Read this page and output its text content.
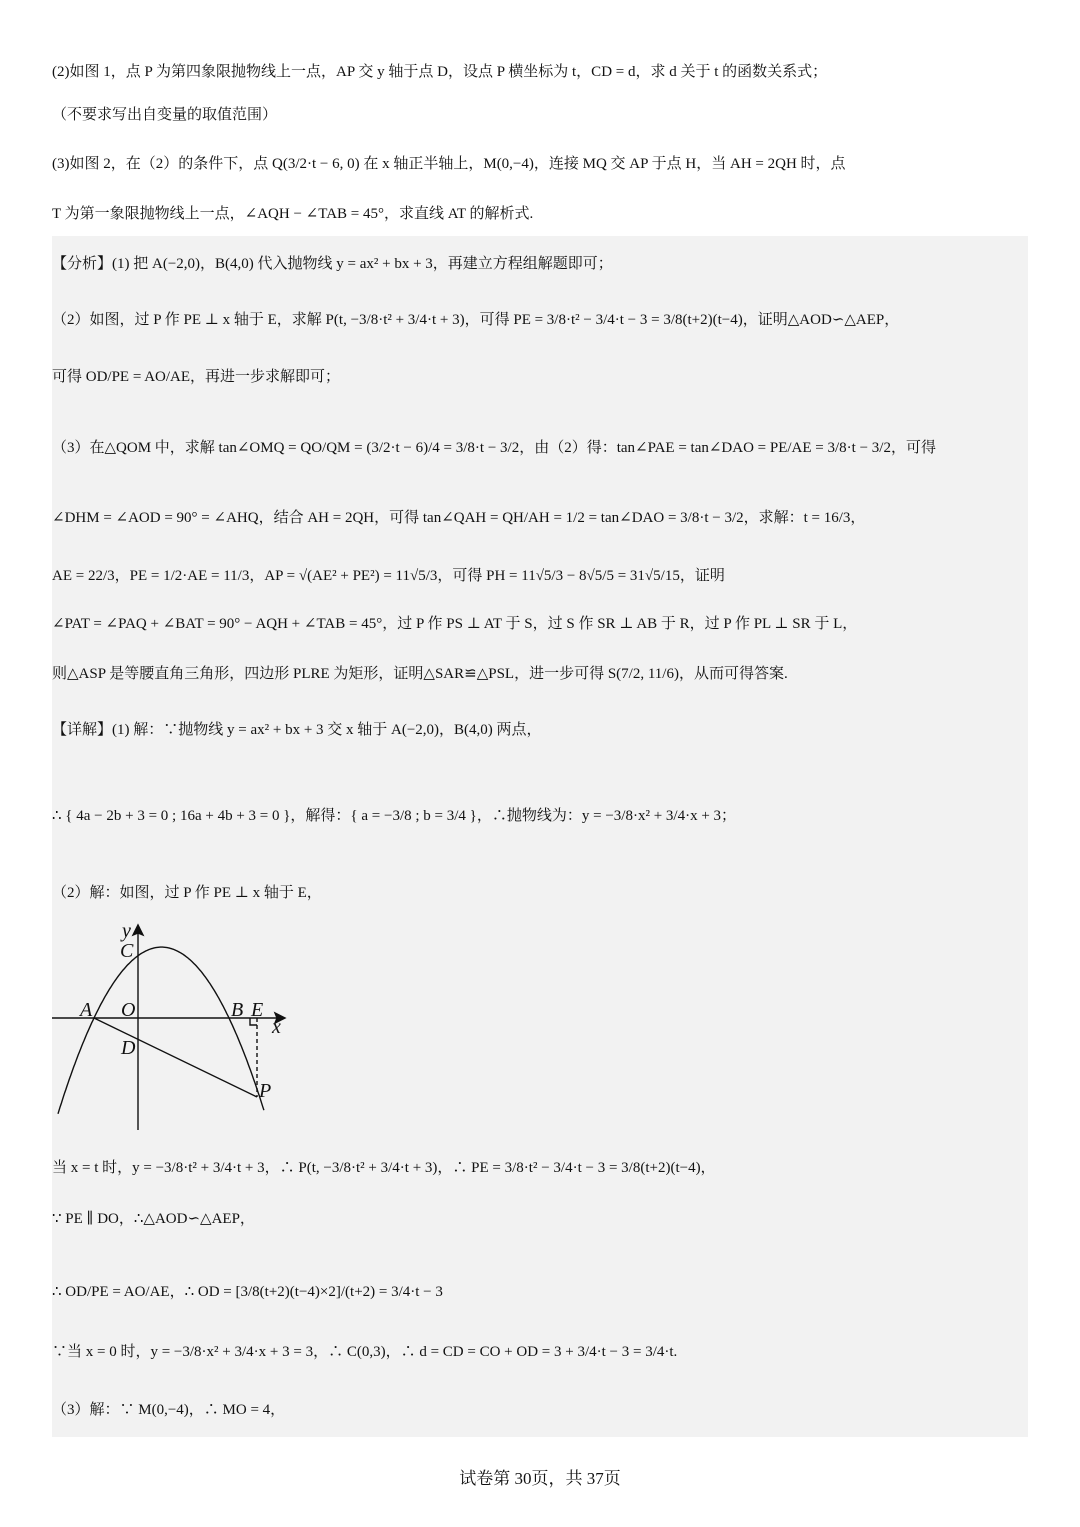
(2)如图 1，点 P 为第四象限抛物线上一点，AP 交 y 轴于点 D，设点 P 横坐标为 t，CD = d，求 d 关于 t 的函数关系式；
（不要求写出自变量的取值范围）
(3)如图 2，在（2）的条件下，点 Q(3/2·t − 6, 0) 在 x 轴正半轴上，M(0,−4)，连接 MQ 交 AP 于点 H，当 AH = 2QH 时，点
T 为第一象限抛物线上一点，∠AQH − ∠TAB = 45°，求直线 AT 的解析式.
【分析】(1) 把 A(−2,0)，B(4,0) 代入抛物线 y = ax² + bx + 3，再建立方程组解题即可；
（2）如图，过 P 作 PE ⊥ x 轴于 E，求解 P(t, −3/8·t² + 3/4·t + 3)，可得 PE = 3/8·t² − 3/4·t − 3 = 3/8(t+2)(t−4)，证明△AOD∽△AEP，
可得 OD/PE = AO/AE，再进一步求解即可；
（3）在△QOM 中，求解 tan∠OMQ = QO/QM = (3/2·t − 6)/4 = 3/8·t − 3/2，由（2）得：tan∠PAE = tan∠DAO = PE/AE = 3/8·t − 3/2，可得
∠DHM = ∠AOD = 90° = ∠AHQ，结合 AH = 2QH，可得 tan∠QAH = QH/AH = 1/2 = tan∠DAO = 3/8·t − 3/2，求解：t = 16/3，
AE = 22/3，PE = 1/2·AE = 11/3，AP = √(AE² + PE²) = 11√5/3，可得 PH = 11√5/3 − 8√5/5 = 31√5/15，证明
∠PAT = ∠PAQ + ∠BAT = 90° − AQH + ∠TAB = 45°，过 P 作 PS ⊥ AT 于 S，过 S 作 SR ⊥ AB 于 R，过 P 作 PL ⊥ SR 于 L，
则△ASP 是等腰直角三角形，四边形 PLRE 为矩形，证明△SAR≌△PSL，进一步可得 S(7/2, 11/6)，从而可得答案.
【详解】(1) 解：∵抛物线 y = ax² + bx + 3 交 x 轴于 A(−2,0)，B(4,0) 两点，
∴ { 4a − 2b + 3 = 0 ; 16a + 4b + 3 = 0 }，解得：{ a = −3/8 ; b = 3/4 }，∴抛物线为：y = −3/8·x² + 3/4·x + 3；
（2）解：如图，过 P 作 PE ⊥ x 轴于 E，
y
C
A O	B E
x
D
P
当 x = t 时，y = −3/8·t² + 3/4·t + 3，∴ P(t, −3/8·t² + 3/4·t + 3)，∴ PE = 3/8·t² − 3/4·t − 3 = 3/8(t+2)(t−4)，
∵ PE ∥ DO，∴△AOD∽△AEP，
∴ OD/PE = AO/AE，∴ OD = [3/8(t+2)(t−4)×2]/(t+2) = 3/4·t − 3
∵当 x = 0 时，y = −3/8·x² + 3/4·x + 3 = 3，∴ C(0,3)，∴ d = CD = CO + OD = 3 + 3/4·t − 3 = 3/4·t.
（3）解：∵ M(0,−4)，∴ MO = 4，
试卷第 30页，共 37页
